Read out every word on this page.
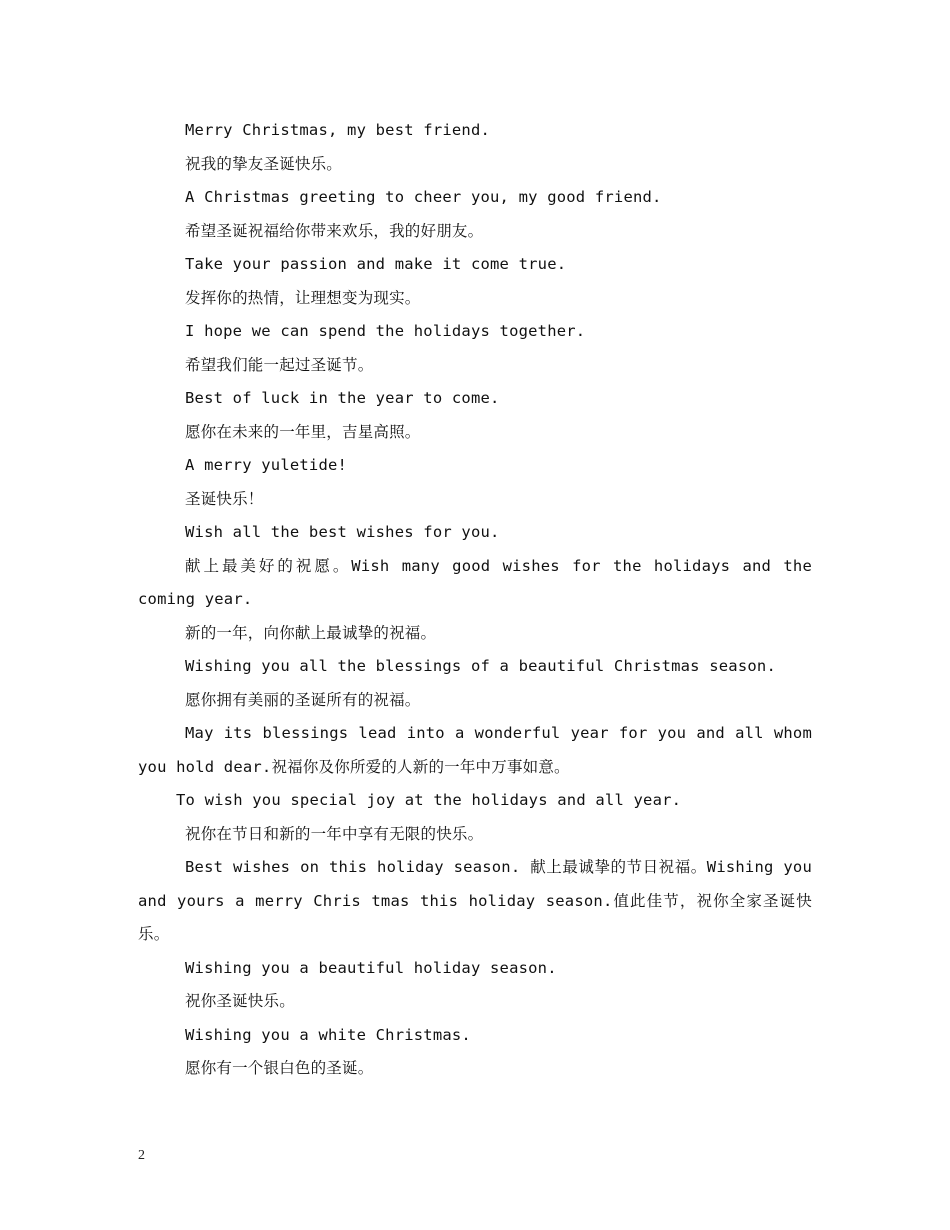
Merry Christmas, my best friend.

祝我的挚友圣诞快乐。

A Christmas greeting to cheer you, my good friend.

希望圣诞祝福给你带来欢乐，我的好朋友。

Take your passion and make it come true.

发挥你的热情，让理想变为现实。

I hope we can spend the holidays together.

希望我们能一起过圣诞节。

Best of luck in the year to come.

愿你在未来的一年里，吉星高照。

A merry yuletide!

圣诞快乐！

Wish all the best wishes for you.

献上最美好的祝愿。Wish many good wishes for the holidays and the coming year.

新的一年，向你献上最诚挚的祝福。

Wishing you all the blessings of a beautiful Christmas season.

愿你拥有美丽的圣诞所有的祝福。

May its blessings lead into a wonderful year for you and all whom you hold dear.祝福你及你所爱的人新的一年中万事如意。

To wish you special joy at the holidays and all year.

祝你在节日和新的一年中享有无限的快乐。

Best wishes on this holiday season. 献上最诚挚的节日祝福。Wishing you and yours a merry Chris tmas this holiday season.值此佳节，祝你全家圣诞快乐。

Wishing you a beautiful holiday season.

祝你圣诞快乐。

Wishing you a white Christmas.

愿你有一个银白色的圣诞。

2
